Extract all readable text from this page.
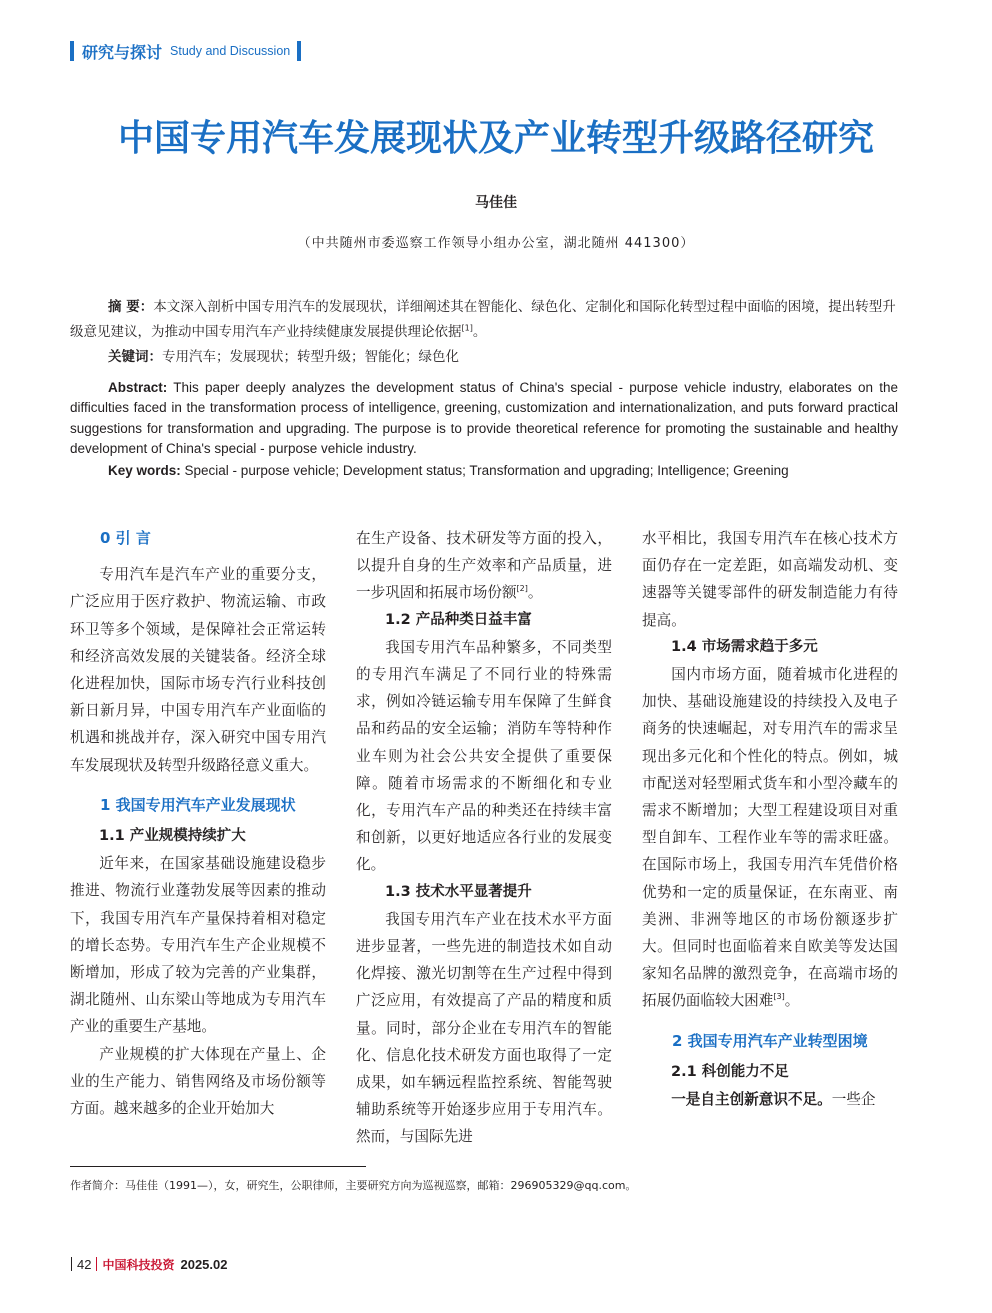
研究与探讨 Study and Discussion
中国专用汽车发展现状及产业转型升级路径研究
马佳佳
（中共随州市委巡察工作领导小组办公室，湖北随州 441300）

摘 要：本文深入剖析中国专用汽车的发展现状，详细阐述其在智能化、绿色化、定制化和国际化转型过程中面临的困境，提出转型升级意见建议，为推动中国专用汽车产业持续健康发展提供理论依据[1]。

关键词：专用汽车；发展现状；转型升级；智能化；绿色化

Abstract: This paper deeply analyzes the development status of China's special - purpose vehicle industry, elaborates on the difficulties faced in the transformation process of intelligence, greening, customization and internationalization, and puts forward practical suggestions for transformation and upgrading. The purpose is to provide theoretical reference for promoting the sustainable and healthy development of China's special - purpose vehicle industry.

Key words: Special - purpose vehicle; Development status; Transformation and upgrading; Intelligence; Greening

0 引 言

专用汽车是汽车产业的重要分支，广泛应用于医疗救护、物流运输、市政环卫等多个领域，是保障社会正常运转和经济高效发展的关键装备。经济全球化进程加快，国际市场专汽行业科技创新日新月异，中国专用汽车产业面临的机遇和挑战并存，深入研究中国专用汽车发展现状及转型升级路径意义重大。

1 我国专用汽车产业发展现状
1.1 产业规模持续扩大

近年来，在国家基础设施建设稳步推进、物流行业蓬勃发展等因素的推动下，我国专用汽车产量保持着相对稳定的增长态势。专用汽车生产企业规模不断增加，形成了较为完善的产业集群，湖北随州、山东梁山等地成为专用汽车产业的重要生产基地。

产业规模的扩大体现在产量上、企业的生产能力、销售网络及市场份额等方面。越来越多的企业开始加大

在生产设备、技术研发等方面的投入，以提升自身的生产效率和产品质量，进一步巩固和拓展市场份额[2]。

1.2 产品种类日益丰富

我国专用汽车品种繁多，不同类型的专用汽车满足了不同行业的特殊需求，例如冷链运输专用车保障了生鲜食品和药品的安全运输；消防车等特种作业车则为社会公共安全提供了重要保障。随着市场需求的不断细化和专业化，专用汽车产品的种类还在持续丰富和创新，以更好地适应各行业的发展变化。

1.3 技术水平显著提升

我国专用汽车产业在技术水平方面进步显著，一些先进的制造技术如自动化焊接、激光切割等在生产过程中得到广泛应用，有效提高了产品的精度和质量。同时，部分企业在专用汽车的智能化、信息化技术研发方面也取得了一定成果，如车辆远程监控系统、智能驾驶辅助系统等开始逐步应用于专用汽车。然而，与国际先进

水平相比，我国专用汽车在核心技术方面仍存在一定差距，如高端发动机、变速器等关键零部件的研发制造能力有待提高。

1.4 市场需求趋于多元

国内市场方面，随着城市化进程的加快、基础设施建设的持续投入及电子商务的快速崛起，对专用汽车的需求呈现出多元化和个性化的特点。例如，城市配送对轻型厢式货车和小型冷藏车的需求不断增加；大型工程建设项目对重型自卸车、工程作业车等的需求旺盛。在国际市场上，我国专用汽车凭借价格优势和一定的质量保证，在东南亚、南美洲、非洲等地区的市场份额逐步扩大。但同时也面临着来自欧美等发达国家知名品牌的激烈竞争，在高端市场的拓展仍面临较大困难[3]。

2 我国专用汽车产业转型困境
2.1 科创能力不足

一是自主创新意识不足。一些企

作者简介：马佳佳（1991—），女，研究生，公职律师，主要研究方向为巡视巡察，邮箱：296905329@qq.com。
42 中国科技投资 2025.02
